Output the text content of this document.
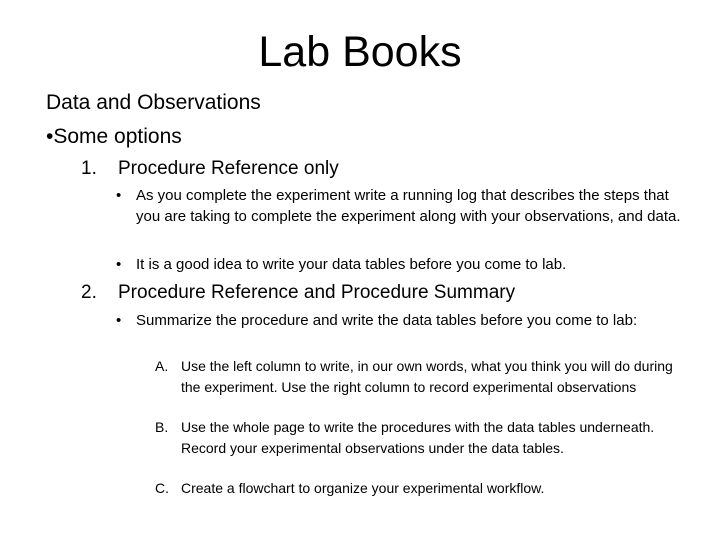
Lab Books
Data and Observations
•Some options
1. Procedure Reference only
• As you complete the experiment write a running log that describes the steps that you are taking to complete the experiment along with your observations, and data.
• It is a good idea to write your data tables before you come to lab.
2. Procedure Reference and Procedure Summary
• Summarize the procedure and write the data tables before you come to lab:
A. Use the left column to write, in our own words, what you think you will do during the experiment. Use the right column to record experimental observations
B. Use the whole page to write the procedures with the data tables underneath. Record your experimental observations under the data tables.
C. Create a flowchart to organize your experimental workflow.
